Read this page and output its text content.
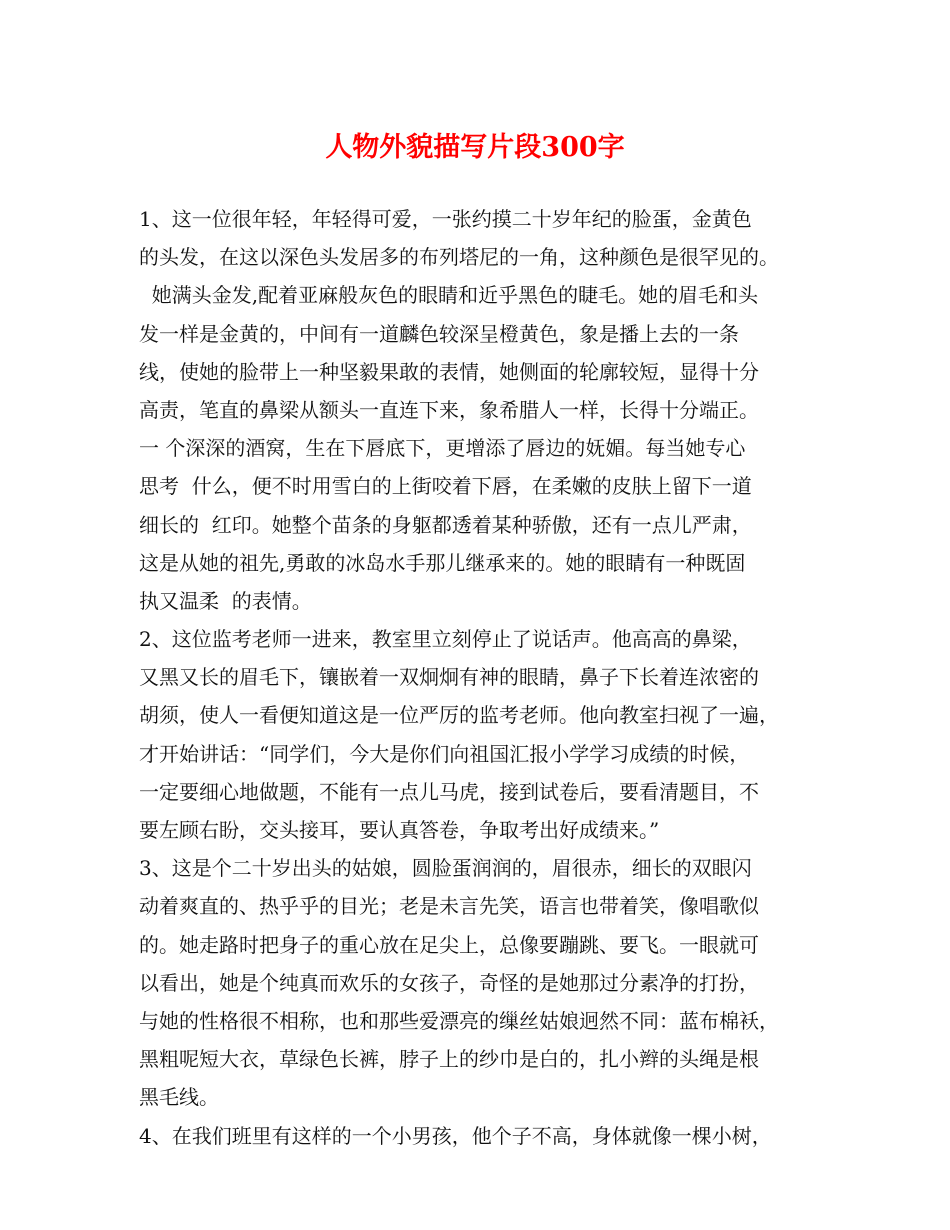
人物外貌描写片段300字
1、这一位很年轻，年轻得可爱，一张约摸二十岁年纪的脸蛋，金黄色
的头发，在这以深色头发居多的布列塔尼的一角，这种颜色是很罕见的。
她满头金发,配着亚麻般灰色的眼睛和近乎黑色的睫毛。她的眉毛和头
发一样是金黄的，中间有一道麟色较深呈橙黄色，象是播上去的一条
线，使她的脸带上一种坚毅果敢的表情，她侧面的轮廓较短，显得十分
高责，笔直的鼻梁从额头一直连下来，象希腊人一样，长得十分端正。
一 个深深的酒窝，生在下唇底下，更增添了唇边的妩媚。每当她专心
思考  什么，便不时用雪白的上街咬着下唇，在柔嫩的皮肤上留下一道
细长的  红印。她整个苗条的身躯都透着某种骄傲，还有一点儿严肃，
这是从她的祖先,勇敢的冰岛水手那儿继承来的。她的眼睛有一种既固
执又温柔  的表情。
2、这位监考老师一进来，教室里立刻停止了说话声。他高高的鼻梁，
又黑又长的眉毛下，镶嵌着一双炯炯有神的眼睛，鼻子下长着连浓密的
胡须，使人一看便知道这是一位严厉的监考老师。他向教室扫视了一遍，
才开始讲话：“同学们，今大是你们向祖国汇报小学学习成绩的时候，
一定要细心地做题，不能有一点儿马虎，接到试卷后，要看清题目，不
要左顾右盼，交头接耳，要认真答卷，争取考出好成绩来。”
3、这是个二十岁出头的姑娘，圆脸蛋润润的，眉很赤，细长的双眼闪
动着爽直的、热乎乎的目光；老是未言先笑，语言也带着笑，像唱歌似
的。她走路时把身子的重心放在足尖上，总像要蹦跳、要飞。一眼就可
以看出，她是个纯真而欢乐的女孩子，奇怪的是她那过分素净的打扮，
与她的性格很不相称，也和那些爱漂亮的缫丝姑娘迥然不同：蓝布棉袄，
黑粗呢短大衣，草绿色长裤，脖子上的纱巾是白的，扎小辫的头绳是根
黑毛线。
4、在我们班里有这样的一个小男孩，他个子不高，身体就像一棵小树，
